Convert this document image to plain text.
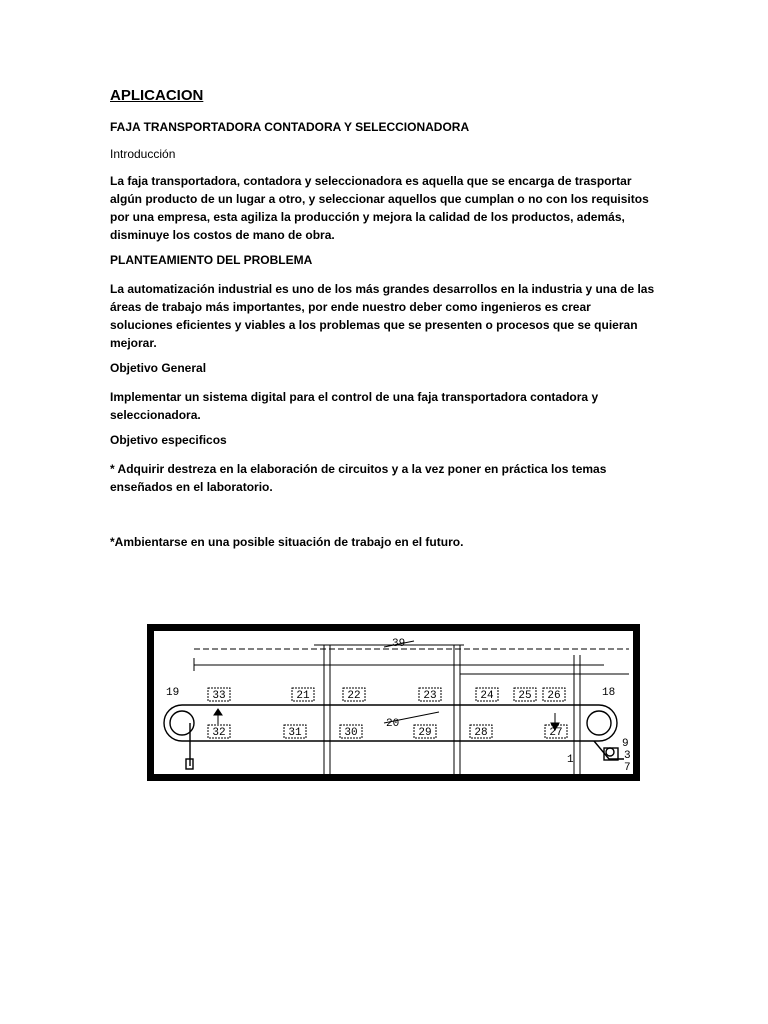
APLICACION

FAJA TRANSPORTADORA CONTADORA Y SELECCIONADORA

Introducción

La faja transportadora, contadora y seleccionadora es aquella que se encarga de trasportar algún producto de un lugar a otro, y seleccionar aquellos que cumplan o no con los requisitos por una empresa, esta agiliza la producción y mejora la calidad de los productos, además, disminuye los costos de mano de obra.

PLANTEAMIENTO DEL PROBLEMA

La automatización industrial es uno de los más grandes desarrollos en la industria y una de las áreas de trabajo más importantes, por ende nuestro deber como ingenieros es crear soluciones eficientes y viables a los problemas que se presenten o procesos que se quieran mejorar.

Objetivo General

Implementar un sistema digital para el control de una faja transportadora contadora y seleccionadora.

Objetivo especificos

* Adquirir destreza en la elaboración de circuitos y a la vez poner en práctica los temas enseñados en el laboratorio.

*Ambientarse en una posible situación de trabajo en el futuro.

33	21	22	23	24 25 26
32	31	30	29	28	27
39
19	18
20
9
3
7
1
